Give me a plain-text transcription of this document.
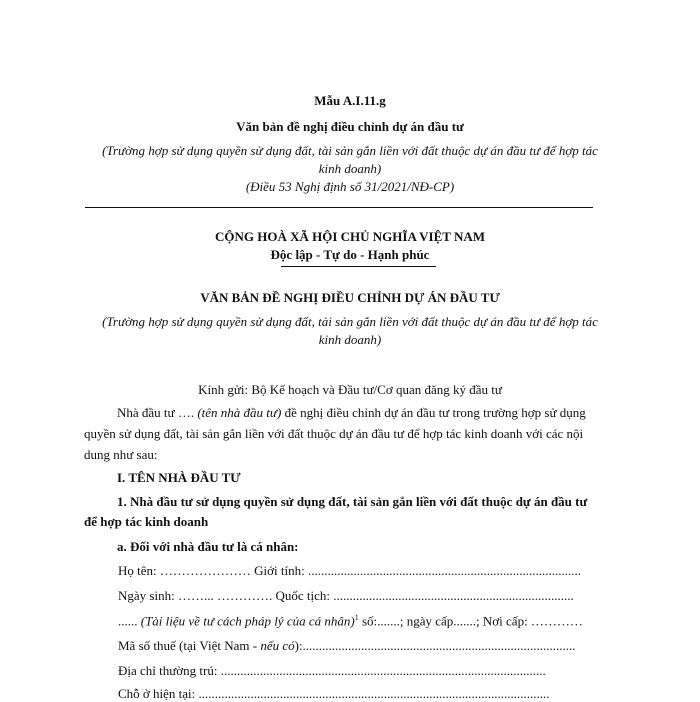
Mẫu A.I.11.g
Văn bản đề nghị điều chỉnh dự án đầu tư
(Trường hợp sử dụng quyền sử dụng đất, tài sản gắn liền với đất thuộc dự án đầu tư để hợp tác
kinh doanh)
(Điều 53 Nghị định số 31/2021/NĐ-CP)
CỘNG HOÀ XÃ HỘI CHỦ NGHĨA VIỆT NAM
Độc lập - Tự do - Hạnh phúc
VĂN BẢN ĐỀ NGHỊ ĐIỀU CHỈNH DỰ ÁN ĐẦU TƯ
(Trường hợp sử dụng quyền sử dụng đất, tài sản gắn liền với đất thuộc dự án đầu tư để hợp tác
kinh doanh)
Kính gửi: Bộ Kế hoạch và Đầu tư/Cơ quan đăng ký đầu tư
Nhà đầu tư …. (tên nhà đầu tư) đề nghị điều chỉnh dự án đầu tư trong trường hợp sử dụng
quyền sử dụng đất, tài sản gắn liền với đất thuộc dự án đầu tư để hợp tác kinh doanh với các nội
dung như sau:
I. TÊN NHÀ ĐẦU TƯ
1. Nhà đầu tư sử dụng quyền sử dụng đất, tài sản gắn liền với đất thuộc dự án đầu tư
để hợp tác kinh doanh
a. Đối với nhà đầu tư là cá nhân:
Họ tên: ………………… Giới tính: ....................................................................................
Ngày sinh: ……... …………. Quốc tịch: ..........................................................................
...... (Tài liệu về tư cách pháp lý của cá nhân)$^1$ số:.......; ngày cấp.......; Nơi cấp: …………
Mã số thuế (tại Việt Nam - nếu có):....................................................................................
Địa chỉ thường trú: ....................................................................................................
Chỗ ở hiện tại: ............................................................................................................
